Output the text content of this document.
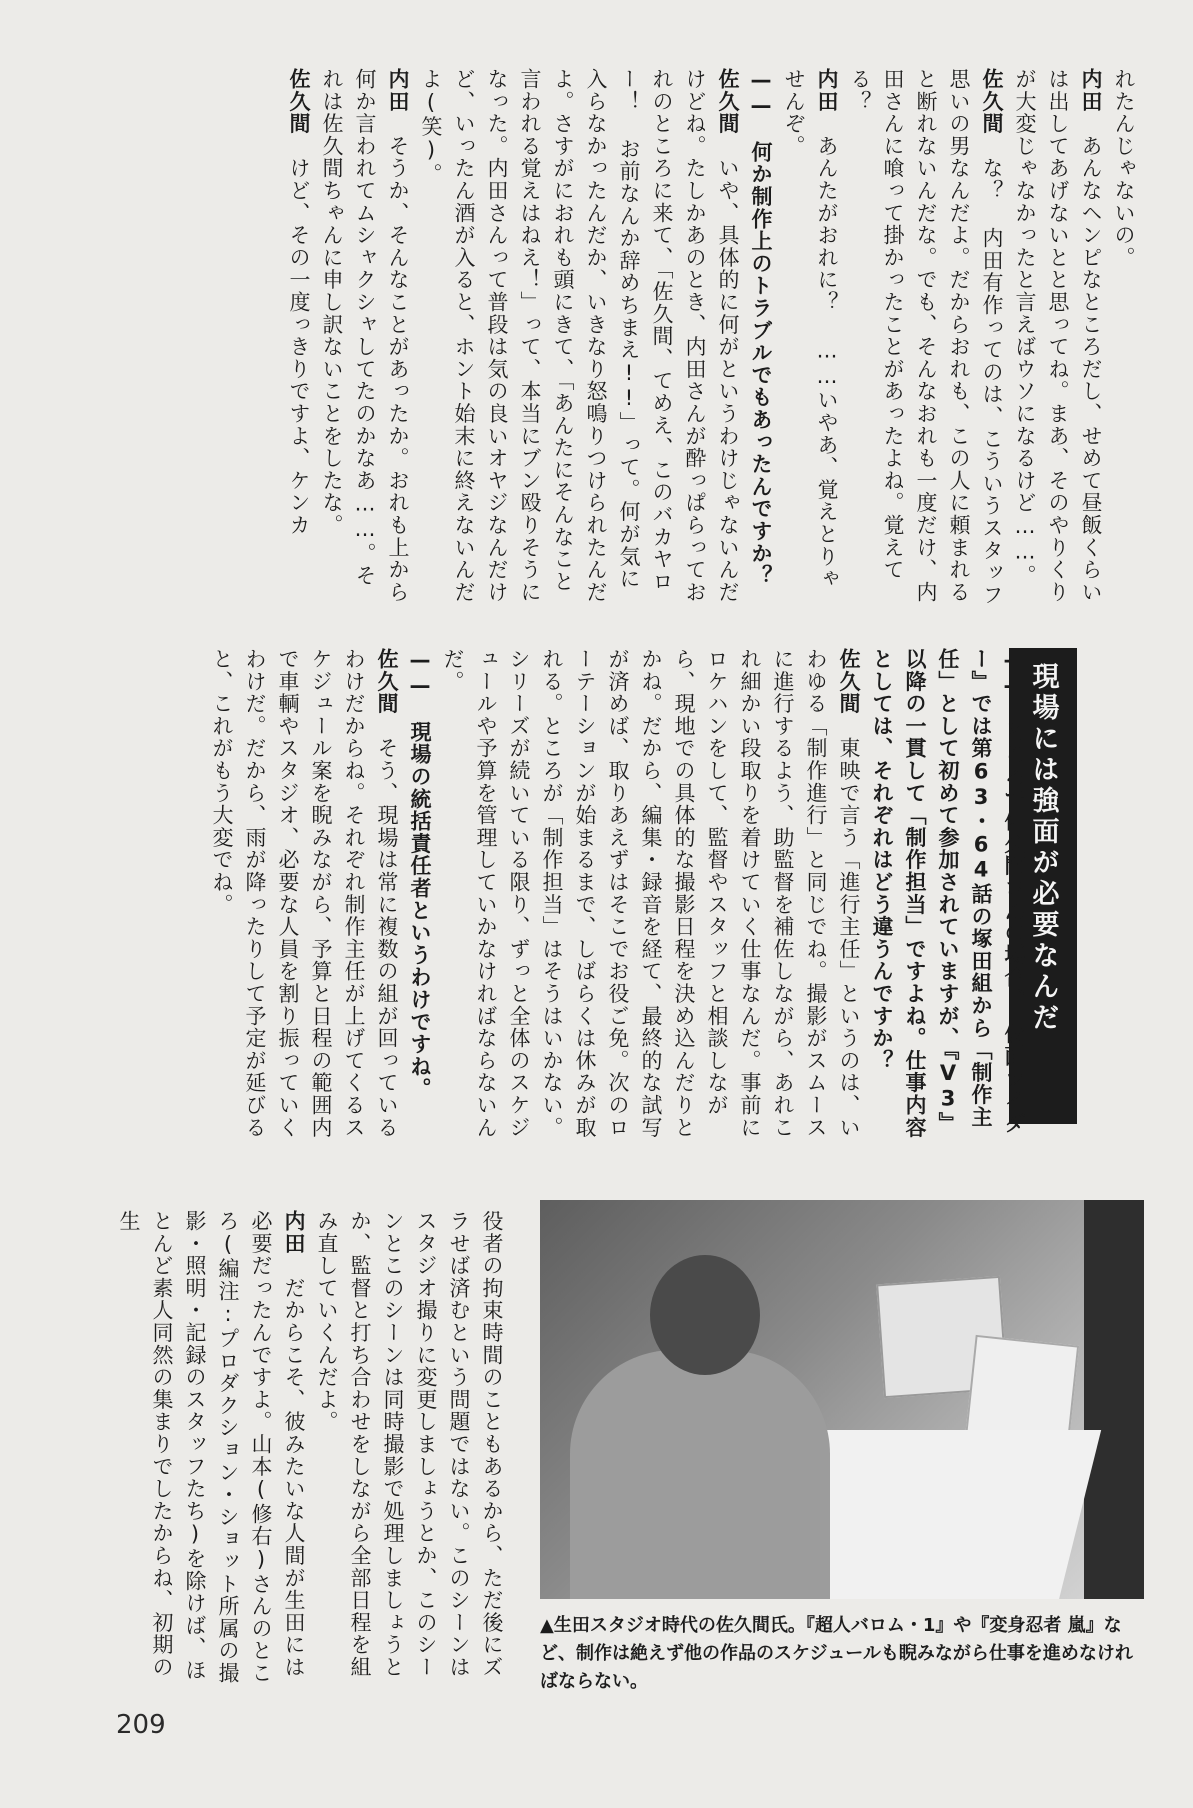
れたんじゃないの。

内田　あんなヘンピなところだし、せめて昼飯くらいは出してあげないとと思ってね。まあ、そのやりくりが大変じゃなかったと言えばウソになるけど……。

佐久間　な？ 内田有作ってのは、こういうスタッフ思いの男なんだよ。だからおれも、この人に頼まれると断れないんだな。でも、そんなおれも一度だけ、内田さんに喰って掛かったことがあったよね。覚えてる？

内田　あんたがおれに？ ……いやあ、覚えとりゃせんぞ。

——　何か制作上のトラブルでもあったんですか？

佐久間　いや、具体的に何がというわけじゃないんだけどね。たしかあのとき、内田さんが酔っぱらっておれのところに来て、「佐久間、てめえ、このバカヤロー！ お前なんか辞めちまえ!!」って。何が気に入らなかったんだか、いきなり怒鳴りつけられたんだよ。さすがにおれも頭にきて、「あんたにそんなこと言われる覚えはねえ！」って、本当にブン殴りそうになった。内田さんって普段は気の良いオヤジなんだけど、いったん酒が入ると、ホント始末に終えないんだよ(笑)。

内田　そうか、そんなことがあったか。おれも上から何か言われてムシャクシャしてたのかなあ……。それは佐久間ちゃんに申し訳ないことをしたな。

佐久間　けど、その一度っきりですよ、ケンカ

現場には強面が必要なんだ

——　ところで佐久間さんの場合、『仮面ライダー』では第63・64話の塚田組から「制作主任」として初めて参加されていますが、『V3』以降の一貫して「制作担当」ですよね。仕事内容としては、それぞれはどう違うんですか？

佐久間　東映で言う「進行主任」というのは、いわゆる「制作進行」と同じでね。撮影がスムースに進行するよう、助監督を補佐しながら、あれこれ細かい段取りを着けていく仕事なんだ。事前にロケハンをして、監督やスタッフと相談しながら、現地での具体的な撮影日程を決め込んだりとかね。だから、編集・録音を経て、最終的な試写が済めば、取りあえずはそこでお役ご免。次のローテーションが始まるまで、しばらくは休みが取れる。ところが「制作担当」はそうはいかない。シリーズが続いている限り、ずっと全体のスケジュールや予算を管理していかなければならないんだ。

——　現場の統括責任者というわけですね。

佐久間　そう、現場は常に複数の組が回っているわけだからね。それぞれ制作主任が上げてくるスケジュール案を睨みながら、予算と日程の範囲内で車輌やスタジオ、必要な人員を割り振っていくわけだ。だから、雨が降ったりして予定が延びると、これがもう大変でね。

▲生田スタジオ時代の佐久間氏。『超人バロム・1』や『変身忍者 嵐』など、制作は絶えず他の作品のスケジュールも睨みながら仕事を進めなければならない。

役者の拘束時間のこともあるから、ただ後にズラせば済むという問題ではない。このシーンはスタジオ撮りに変更しましょうとか、このシーンとこのシーンは同時撮影で処理しましょうとか、監督と打ち合わせをしながら全部日程を組み直していくんだよ。

内田　だからこそ、彼みたいな人間が生田には必要だったんですよ。山本(修右)さんのところ(編注:プロダクション・ショット所属の撮影・照明・記録のスタッフたち)を除けば、ほとんど素人同然の集まりでしたからね、初期の生

209
